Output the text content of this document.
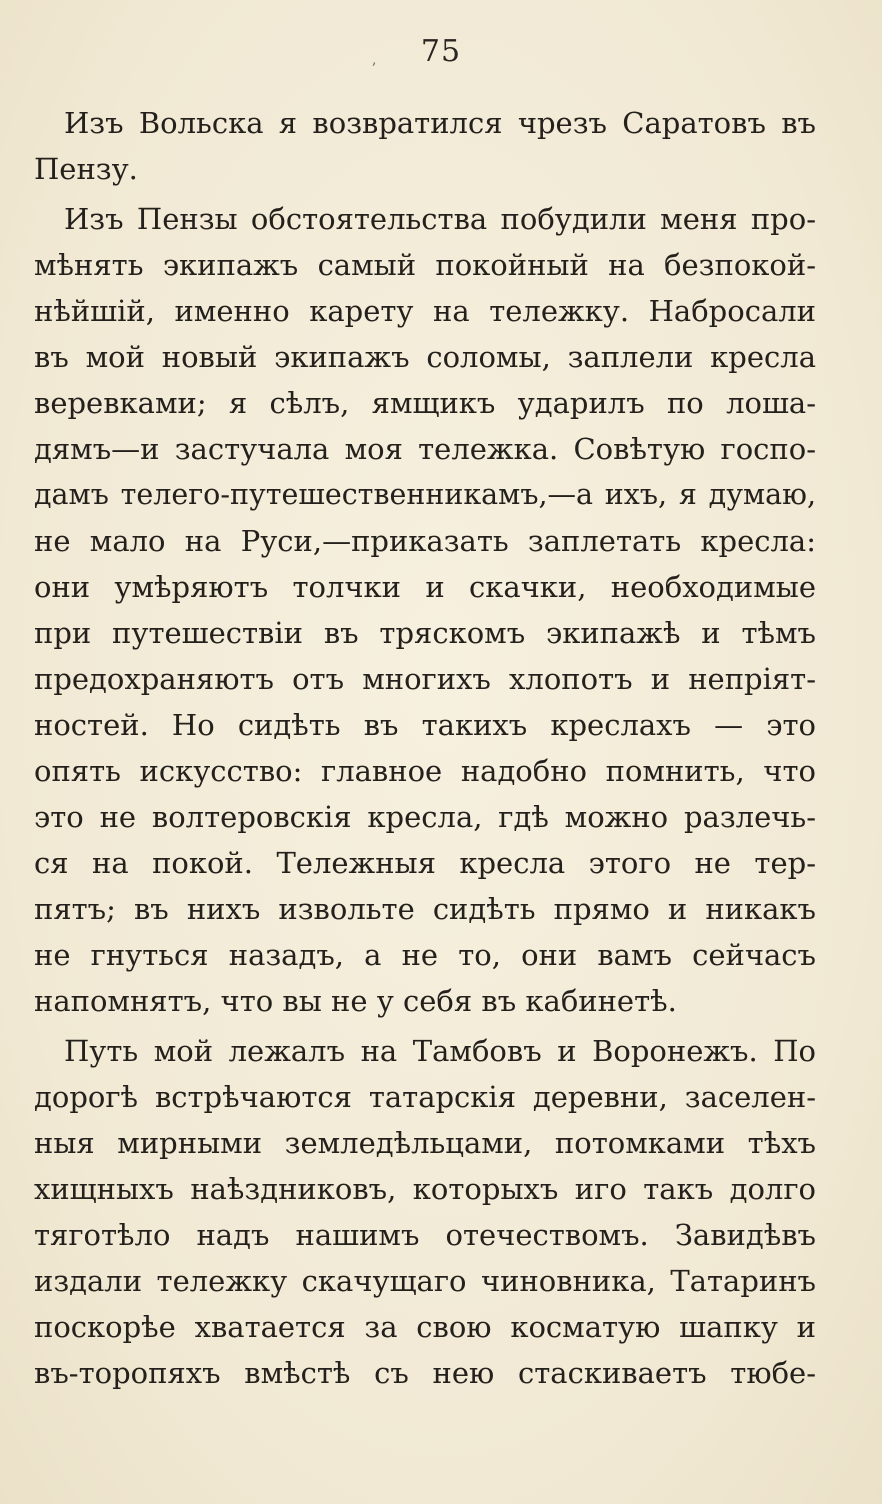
75
,
Изъ Вольска я возвратился чрезъ Саратовъ въ
Пензу.
Изъ Пензы обстоятельства побудили меня про-
мѣнять экипажъ самый покойный на безпокой-
нѣйшій, именно карету на тележку. Набросали
въ мой новый экипажъ соломы, заплели кресла
веревками; я сѣлъ, ямщикъ ударилъ по лоша-
дямъ—и застучала моя тележка. Совѣтую госпо-
дамъ телего-путешественникамъ,—а ихъ, я думаю,
не мало на Руси,—приказать заплетать кресла:
они умѣряютъ толчки и скачки, необходимые
при путешествіи въ тряскомъ экипажѣ и тѣмъ
предохраняютъ отъ многихъ хлопотъ и непріят-
ностей. Но сидѣть въ такихъ креслахъ — это
опять искусство: главное надобно помнить, что
это не волтеровскія кресла, гдѣ можно разлечь-
ся на покой. Тележныя кресла этого не тер-
пятъ; въ нихъ извольте сидѣть прямо и никакъ
не гнуться назадъ, а не то, они вамъ сейчасъ
напомнятъ, что вы не у себя въ кабинетѣ.
Путь мой лежалъ на Тамбовъ и Воронежъ. По
дорогѣ встрѣчаются татарскія деревни, заселен-
ныя мирными земледѣльцами, потомками тѣхъ
хищныхъ наѣздниковъ, которыхъ иго такъ долго
тяготѣло надъ нашимъ отечествомъ. Завидѣвъ
издали тележку скачущаго чиновника, Татаринъ
поскорѣе хватается за свою косматую шапку и
въ-торопяхъ вмѣстѣ съ нею стаскиваетъ тюбе-
